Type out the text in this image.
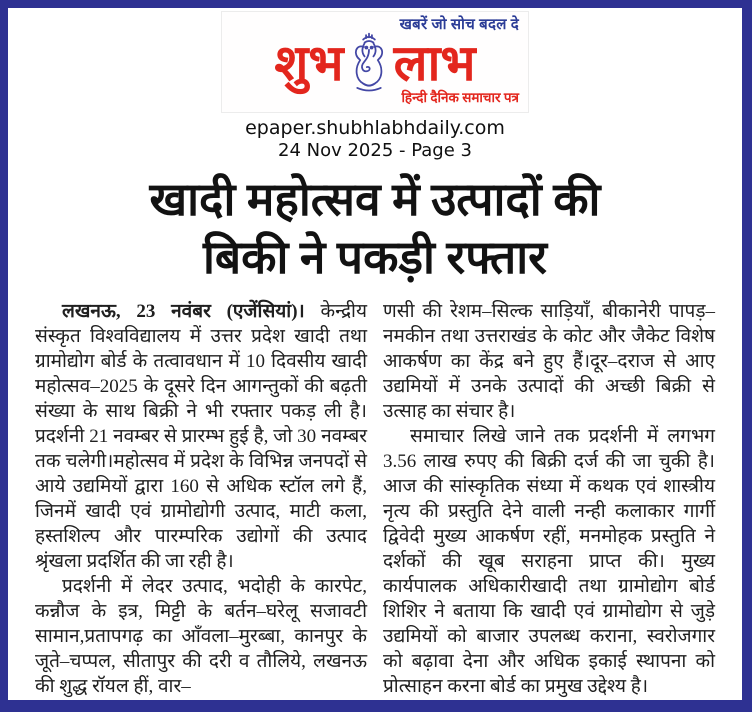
खबरें जो सोच बदल दे
शुभ लाभ
हिन्दी दैनिक समाचार पत्र
epaper.shubhlabhdaily.com
24 Nov 2025 - Page 3
खादी महोत्सव में उत्पादों की
बिकी ने पकड़ी रफ्तार

लखनऊ, 23 नवंबर (एजेंसियां)। केन्द्रीय संस्कृत विश्वविद्यालय में उत्तर प्रदेश खादी तथा ग्रामोद्योग बोर्ड के तत्वावधान में 10 दिवसीय खादी महोत्सव–2025 के दूसरे दिन आगन्तुकों की बढ़ती संख्या के साथ बिक्री ने भी रफ्तार पकड़ ली है। प्रदर्शनी 21 नवम्बर से प्रारम्भ हुई है, जो 30 नवम्बर तक चलेगी।महोत्सव में प्रदेश के विभिन्न जनपदों से आये उद्यमियों द्वारा 160 से अधिक स्टॉल लगे हैं, जिनमें खादी एवं ग्रामोद्योगी उत्पाद, माटी कला, हस्तशिल्प और पारम्परिक उद्योगों की उत्पाद श्रृंखला प्रदर्शित की जा रही है।

प्रदर्शनी में लेदर उत्पाद, भदोही के कारपेट, कन्नौज के इत्र, मिट्टी के बर्तन–घरेलू सजावटी सामान,प्रतापगढ़ का आँवला–मुरब्बा, कानपुर के जूते–चप्पल, सीतापुर की दरी व तौलिये, लखनऊ की शुद्ध रॉयल हीं, वार–

णसी की रेशम–सिल्क साड़ियाँ, बीकानेरी पापड़–नमकीन तथा उत्तराखंड के कोट और जैकेट विशेष आकर्षण का केंद्र बने हुए हैं।दूर–दराज से आए उद्यमियों में उनके उत्पादों की अच्छी बिक्री से उत्साह का संचार है।

समाचार लिखे जाने तक प्रदर्शनी में लगभग 3.56 लाख रुपए की बिक्री दर्ज की जा चुकी है।आज की सांस्कृतिक संध्या में कथक एवं शास्त्रीय नृत्य की प्रस्तुति देने वाली नन्ही कलाकार गार्गी द्विवेदी मुख्य आकर्षण रहीं, मनमोहक प्रस्तुति ने दर्शकों की खूब सराहना प्राप्त की। मुख्य कार्यपालक अधिकारीखादी तथा ग्रामोद्योग बोर्ड शिशिर ने बताया कि खादी एवं ग्रामोद्योग से जुड़े उद्यमियों को बाजार उपलब्ध कराना, स्वरोजगार को बढ़ावा देना और अधिक इकाई स्थापना को प्रोत्साहन करना बोर्ड का प्रमुख उद्देश्य है।
